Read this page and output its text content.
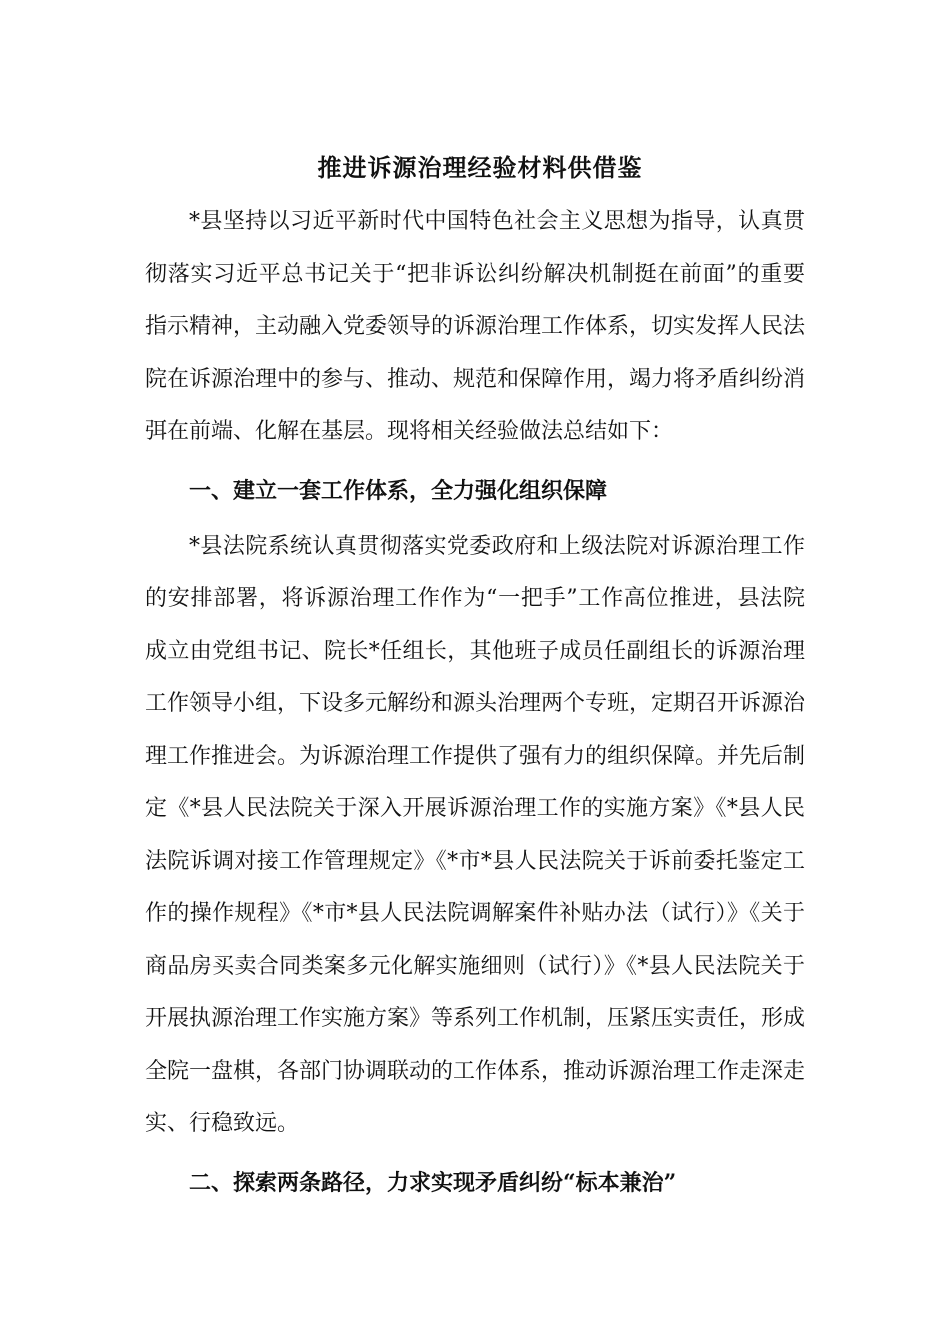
推进诉源治理经验材料供借鉴

*县坚持以习近平新时代中国特色社会主义思想为指导，认真贯彻落实习近平总书记关于“把非诉讼纠纷解决机制挺在前面”的重要指示精神，主动融入党委领导的诉源治理工作体系，切实发挥人民法院在诉源治理中的参与、推动、规范和保障作用，竭力将矛盾纠纷消弭在前端、化解在基层。现将相关经验做法总结如下：

一、建立一套工作体系，全力强化组织保障

*县法院系统认真贯彻落实党委政府和上级法院对诉源治理工作的安排部署，将诉源治理工作作为“一把手”工作高位推进，县法院成立由党组书记、院长*任组长，其他班子成员任副组长的诉源治理工作领导小组，下设多元解纷和源头治理两个专班，定期召开诉源治理工作推进会。为诉源治理工作提供了强有力的组织保障。并先后制定《*县人民法院关于深入开展诉源治理工作的实施方案》《*县人民法院诉调对接工作管理规定》《*市*县人民法院关于诉前委托鉴定工作的操作规程》《*市*县人民法院调解案件补贴办法（试行）》《关于商品房买卖合同类案多元化解实施细则（试行）》《*县人民法院关于开展执源治理工作实施方案》等系列工作机制，压紧压实责任，形成全院一盘棋，各部门协调联动的工作体系，推动诉源治理工作走深走实、行稳致远。

二、探索两条路径，力求实现矛盾纠纷“标本兼治”
